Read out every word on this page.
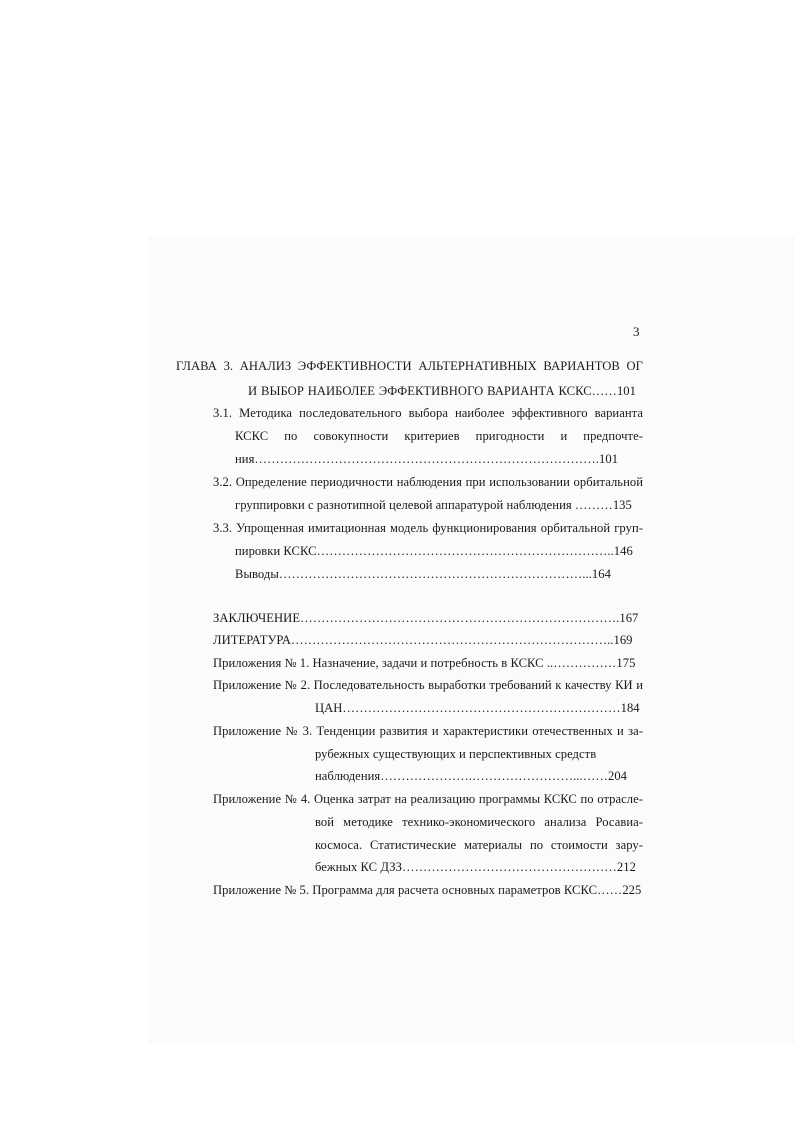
3
ГЛАВА 3. АНАЛИЗ ЭФФЕКТИВНОСТИ АЛЬТЕРНАТИВНЫХ ВАРИАНТОВ ОГ
И ВЫБОР НАИБОЛЕЕ ЭФФЕКТИВНОГО ВАРИАНТА КСКС……101
3.1. Методика последовательного выбора наиболее эффективного варианта
КСКС по совокупности критериев пригодности и предпочте-
ния……………………………………………………………………….101
3.2. Определение периодичности наблюдения при использовании орбитальной
группировки с разнотипной целевой аппаратурой наблюдения ………135
3.3. Упрощенная имитационная модель функционирования орбитальной груп-
пировки КСКС……………………………………………………………..146
Выводы………………………………………………………………...164
ЗАКЛЮЧЕНИЕ………………………………………………………………….167
ЛИТЕРАТУРА…………………………………………………………………..169
Приложения № 1. Назначение, задачи и потребность в КСКС ..……………175
Приложение № 2. Последовательность выработки требований к качеству КИ и
ЦАН…………………………………………………………184
Приложение № 3. Тенденции развития и характеристики отечественных и за-
рубежных существующих и перспективных средств
наблюдения………………….……………………...……204
Приложение № 4. Оценка затрат на реализацию программы КСКС по отрасле-
вой методике технико-экономического анализа Росавиа-
космоса. Статистические материалы по стоимости зару-
бежных КС ДЗЗ……………………………………………212
Приложение № 5. Программа для расчета основных параметров КСКС……225
